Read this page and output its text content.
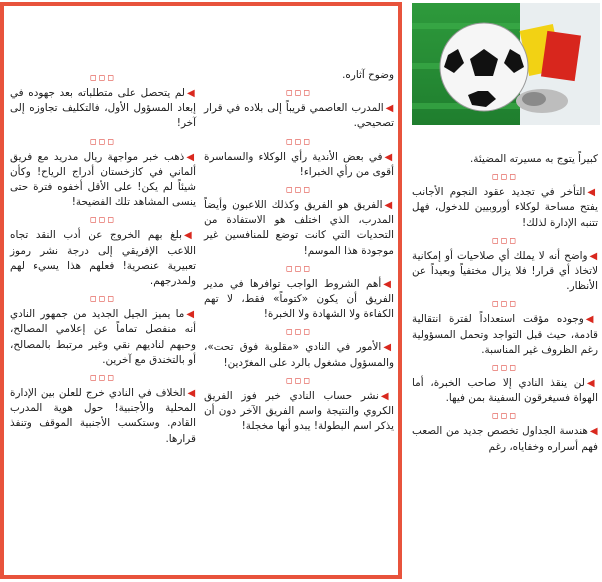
وضوح آثاره.

◻◻◻

◀المدرب العاصمي قريباً إلى بلاده في قرار تصحيحي.

◻◻◻

◀في بعض الأندية رأي الوكلاء والسماسرة أقوى من رأي الخبراء!

◻◻◻

◀الفريق هو الفريق وكذلك اللاعبون وأيضاً المدرب، الذي اختلف هو الاستفادة من التحديات التي كانت توضع للمنافسين غير موجودة هذا الموسم!

◻◻◻

◀أهم الشروط الواجب توافرها في مدير الفريق أن يكون «كتوماً» فقط، لا تهم الكفاءة ولا الشهادة ولا الخبرة!

◻◻◻

◀الأمور في النادي «مقلوبة فوق تحت»، والمسؤول مشغول بالرد على المغرّدين!

◻◻◻

◀نشر حساب النادي خبر فوز الفريق الكروي والنتيجة واسم الفريق الآخر دون أن يذكر اسم البطولة! يبدو أنها مخجلة!

◻◻◻

◀لم يتحصل على متطلباته بعد جهوده في إبعاد المسؤول الأول، فالتكليف تجاوزه إلى آخر!

◻◻◻

◀ذهب خبر مواجهة ريال مدريد مع فريق ألماني في كازخستان أدراج الرياح! وكأن شيئاً لم يكن! على الأقل أخفوه فترة حتى ينسى المشاهد تلك الفضيحة!

◻◻◻

◀بلغ بهم الخروج عن أدب النقد تجاه اللاعب الإفريقي إلى درجة نشر رموز تعبيرية عنصرية! فعلهم هذا يسيء لهم ولمدرجهم.

◻◻◻

◀ما يميز الجيل الجديد من جمهور النادي أنه منفصل تماماً عن إعلامي المصالح، وحبهم لناديهم نقي وغير مرتبط بالمصالح، أو بالتخندق مع آخرين.

◻◻◻

◀الخلاف في النادي خرج للعلن بين الإدارة المحلية والأجنبية! حول هوية المدرب القادم. وستكسب الأجنبية الموقف وتنفذ قرارها.

كبيراً يتوج به مسيرته المضيئة.

◻◻◻

◀التأخر في تجديد عقود النجوم الأجانب يفتح مساحة لوكلاء أوروبيين للدخول، فهل تتنبه الإدارة لذلك!

◻◻◻

◀واضح أنه لا يملك أي صلاحيات أو إمكانية لاتخاذ أي قرار! فلا يزال مختفياً وبعيداً عن الأنظار.

◻◻◻

◀وجوده مؤقت استعداداً لفترة انتقالية قادمة، حيث قبل التواجد وتحمل المسؤولية رغم الظروف غير المناسبة.

◻◻◻

◀لن ينقذ النادي إلا صاحب الخبرة، أما الهواة فسيغرقون السفينة بمن فيها.

◻◻◻

◀هندسة الجداول تخصص جديد من الصعب فهم أسراره وخفاياه، رغم
